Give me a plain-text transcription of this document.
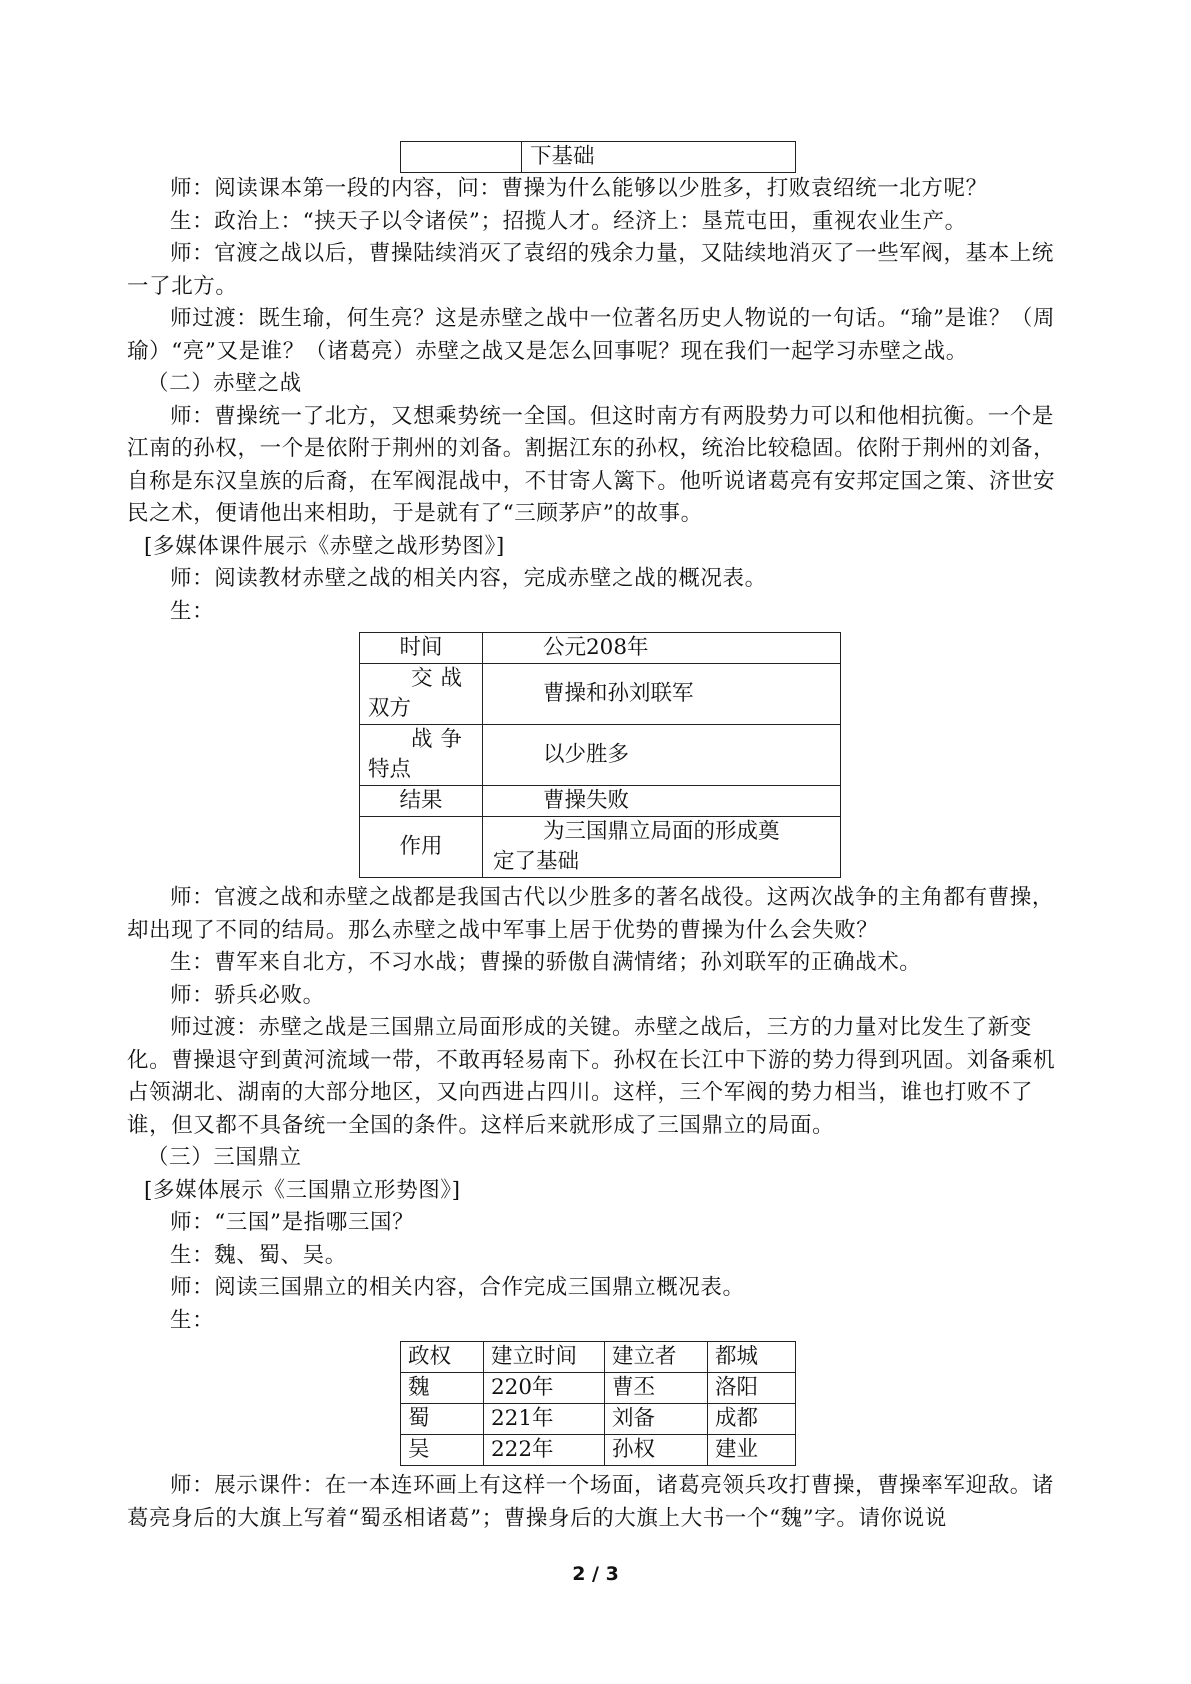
	下基础

师：阅读课本第一段的内容，问：曹操为什么能够以少胜多，打败袁绍统一北方呢？

生：政治上：“挟天子以令诸侯”；招揽人才。经济上：垦荒屯田，重视农业生产。

师：官渡之战以后，曹操陆续消灭了袁绍的残余力量，又陆续地消灭了一些军阀，基本上统一了北方。

师过渡：既生瑜，何生亮？这是赤壁之战中一位著名历史人物说的一句话。“瑜”是谁？（周瑜）“亮”又是谁？（诸葛亮）赤壁之战又是怎么回事呢？现在我们一起学习赤壁之战。

（二）赤壁之战

师：曹操统一了北方，又想乘势统一全国。但这时南方有两股势力可以和他相抗衡。一个是江南的孙权，一个是依附于荆州的刘备。割据江东的孙权，统治比较稳固。依附于荆州的刘备，自称是东汉皇族的后裔，在军阀混战中，不甘寄人篱下。他听说诸葛亮有安邦定国之策、济世安民之术，便请他出来相助，于是就有了“三顾茅庐”的故事。

[多媒体课件展示《赤壁之战形势图》]

师：阅读教材赤壁之战的相关内容，完成赤壁之战的概况表。

生：

时间	公元208年

交战
双方	曹操和孙刘联军

战争
特点	以少胜多
结果	曹操失败
作用	为三国鼎立局面的形成奠
定了基础

师：官渡之战和赤壁之战都是我国古代以少胜多的著名战役。这两次战争的主角都有曹操，却出现了不同的结局。那么赤壁之战中军事上居于优势的曹操为什么会失败？

生：曹军来自北方，不习水战；曹操的骄傲自满情绪；孙刘联军的正确战术。

师：骄兵必败。

师过渡：赤壁之战是三国鼎立局面形成的关键。赤壁之战后，三方的力量对比发生了新变化。曹操退守到黄河流域一带，不敢再轻易南下。孙权在长江中下游的势力得到巩固。刘备乘机占领湖北、湖南的大部分地区，又向西进占四川。这样，三个军阀的势力相当，谁也打败不了谁，但又都不具备统一全国的条件。这样后来就形成了三国鼎立的局面。

（三）三国鼎立

[多媒体展示《三国鼎立形势图》]

师：“三国”是指哪三国？

生：魏、蜀、吴。

师：阅读三国鼎立的相关内容，合作完成三国鼎立概况表。

生：

政权	建立时间	建立者	都城
魏	220年	曹丕	洛阳
蜀	221年	刘备	成都
吴	222年	孙权	建业

师：展示课件：在一本连环画上有这样一个场面，诸葛亮领兵攻打曹操，曹操率军迎敌。诸葛亮身后的大旗上写着“蜀丞相诸葛”；曹操身后的大旗上大书一个“魏”字。请你说说

2 / 3
